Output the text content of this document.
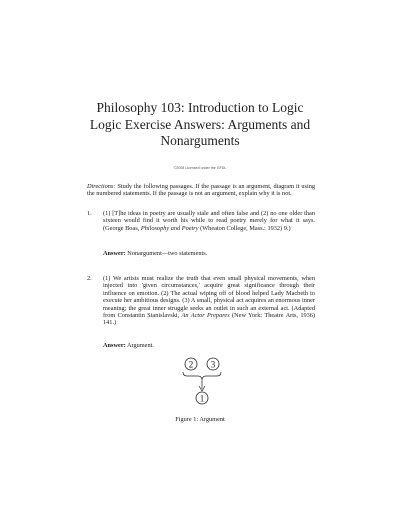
Philosophy 103: Introduction to Logic
Logic Exercise Answers: Arguments and
Nonarguments
©2008 Licensed under the GFDL
Directions: Study the following passages. If the passage is an argument, diagram it using the numbered statements. If the passage is not an argument, explain why it is not.
1. (1) [T]he ideas in poetry are usually stale and often false and (2) no one older than sixteen would find it worth his while to read poetry merely for what it says. (George Boas, Philosophy and Poetry (Wheaton College, Mass.: 1932) 9.)
Answer: Nonargument—two statements.
2. (1) We artists must realize the truth that even small physical movements, when injected into 'given circumstances,' acquire great significance through their influence on emotion. (2) The actual wiping off of blood helped Lady Macbeth to execute her ambitious designs. (3) A small, physical act acquires an enormous inner meaning; the great inner struggle seeks an outlet in such an external act. (Adapted from Constantin Stanislavski, An Actor Prepares (New York: Theatre Arts, 1936) 141.)
Answer: Argument.
2 3
1
Figure 1: Argument
